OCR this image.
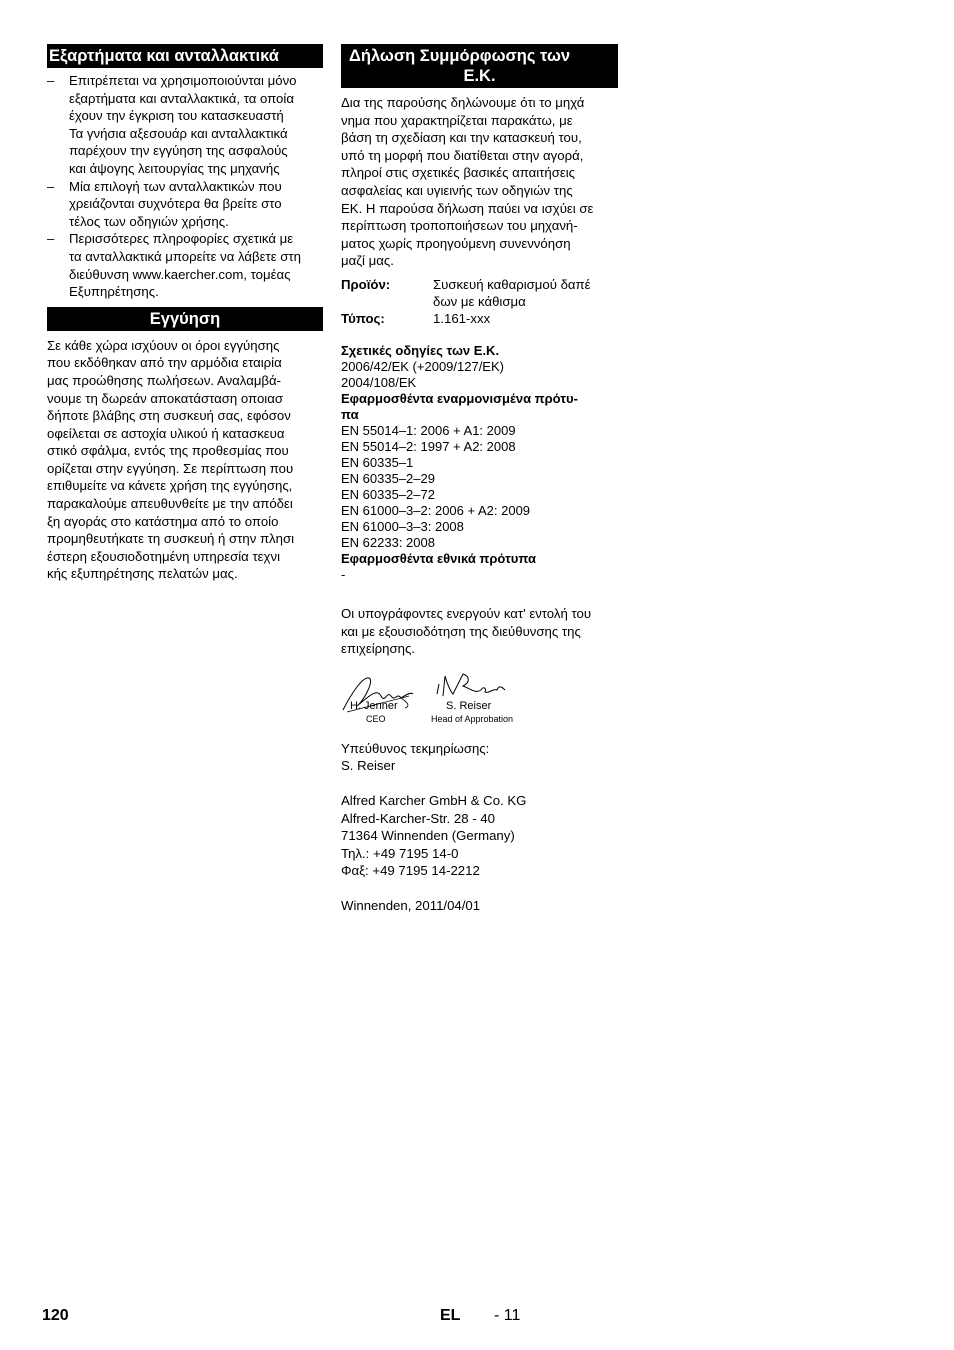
Εξαρτήματα και ανταλλακτικά
– Επιτρέπεται να χρησιμοποιούνται μόνο
εξαρτήματα και ανταλλακτικά, τα οποία
έχουν την έγκριση του κατασκευαστή
Τα γνήσια αξεσουάρ και ανταλλακτικά
παρέχουν την εγγύηση της ασφαλούς
και άψογης λειτουργίας της μηχανής
– Μία επιλογή των ανταλλακτικών που
χρειάζονται συχνότερα θα βρείτε στο
τέλος των οδηγιών χρήσης.
– Περισσότερες πληροφορίες σχετικά με
τα ανταλλακτικά μπορείτε να λάβετε στη
διεύθυνση www.kaercher.com, τομέας
Εξυπηρέτησης.
Εγγύηση
Σε κάθε χώρα ισχύουν οι όροι εγγύησης
που εκδόθηκαν από την αρμόδια εταιρία
μας προώθησης πωλήσεων. Αναλαμβά-
νουμε τη δωρεάν αποκατάσταση οποιασ
δήποτε βλάβης στη συσκευή σας, εφόσον
οφείλεται σε αστοχία υλικού ή κατασκευα
στικό σφάλμα, εντός της προθεσμίας που
ορίζεται στην εγγύηση. Σε περίπτωση που
επιθυμείτε να κάνετε χρήση της εγγύησης,
παρακαλούμε απευθυνθείτε με την απόδει
ξη αγοράς στο κατάστημα από το οποίο
προμηθευτήκατε τη συσκευή ή στην πλησι
έστερη εξουσιοδοτημένη υπηρεσία τεχνι
κής εξυπηρέτησης πελατών μας.
Δήλωση Συμμόρφωσης των
Ε.Κ.
Δια της παρούσης δηλώνουμε ότι το μηχά
νημα που χαρακτηρίζεται παρακάτω, με
βάση τη σχεδίαση και την κατασκευή του,
υπό τη μορφή που διατίθεται στην αγορά,
πληροί στις σχετικές βασικές απαιτήσεις
ασφαλείας και υγιεινής των οδηγιών της
ΕΚ. Η παρούσα δήλωση παύει να ισχύει σε
περίπτωση τροποποιήσεων του μηχανή-
ματος χωρίς προηγούμενη συνεννόηση
μαζί μας.
Προϊόν:	Συσκευή καθαρισμού δαπέ
δων με κάθισμα

Τύπος:	1.161-xxx
Σχετικές οδηγίες των Ε.Κ.
2006/42/ΕΚ (+2009/127/ΕΚ)
2004/108/ΕΚ
Εφαρμοσθέντα εναρμονισμένα πρότυ-
πα
EN 55014–1: 2006 + A1: 2009
EN 55014–2: 1997 + A2: 2008
EN 60335–1
EN 60335–2–29
EN 60335–2–72
EN 61000–3–2: 2006 + A2: 2009
EN 61000–3–3: 2008
EN 62233: 2008
Εφαρμοσθέντα εθνικά πρότυπα
-
Οι υπογράφοντες ενεργούν κατ' εντολή του
και με εξουσιοδότηση της διεύθυνσης της
επιχείρησης.
H. Jenner
CEO
S. Reiser
Head of Approbation
Υπεύθυνος τεκμηρίωσης:
S. Reiser
Alfred Karcher GmbH & Co. KG
Alfred-Karcher-Str. 28 - 40
71364 Winnenden (Germany)
Τηλ.: +49 7195 14-0
Φαξ: +49 7195 14-2212
Winnenden, 2011/04/01
120	EL - 11
